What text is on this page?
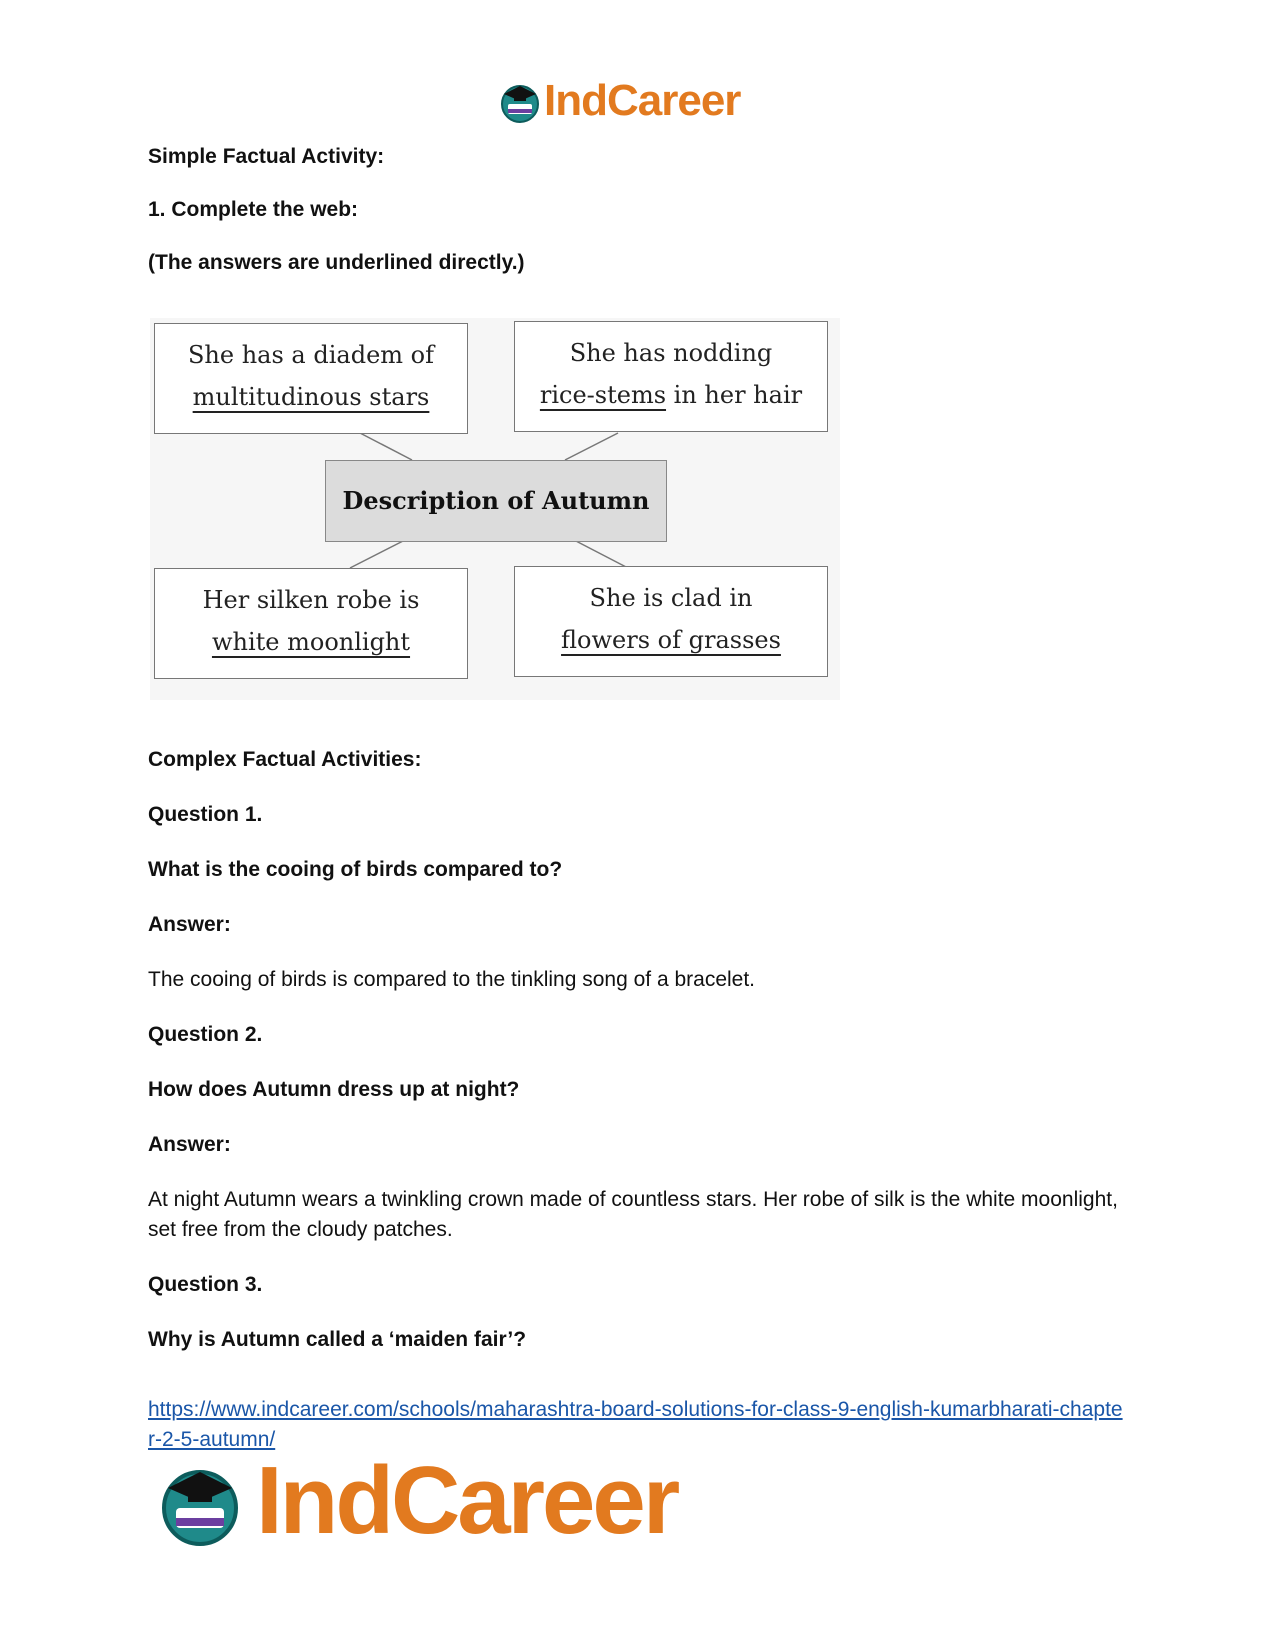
IndCareer
Simple Factual Activity:
1. Complete the web:
(The answers are underlined directly.)
She has a diadem of
multitudinous stars
She has nodding
rice-stems in her hair
Description of Autumn
Her silken robe is
white moonlight
She is clad in
flowers of grasses
Complex Factual Activities:
Question 1.
What is the cooing of birds compared to?
Answer:
The cooing of birds is compared to the tinkling song of a bracelet.
Question 2.
How does Autumn dress up at night?
Answer:
At night Autumn wears a twinkling crown made of countless stars. Her robe of silk is the white moonlight, set free from the cloudy patches.
Question 3.
Why is Autumn called a ‘maiden fair’?
https://www.indcareer.com/schools/maharashtra-board-solutions-for-class-9-english-kumarbharati-chapter-2-5-autumn/
IndCareer
